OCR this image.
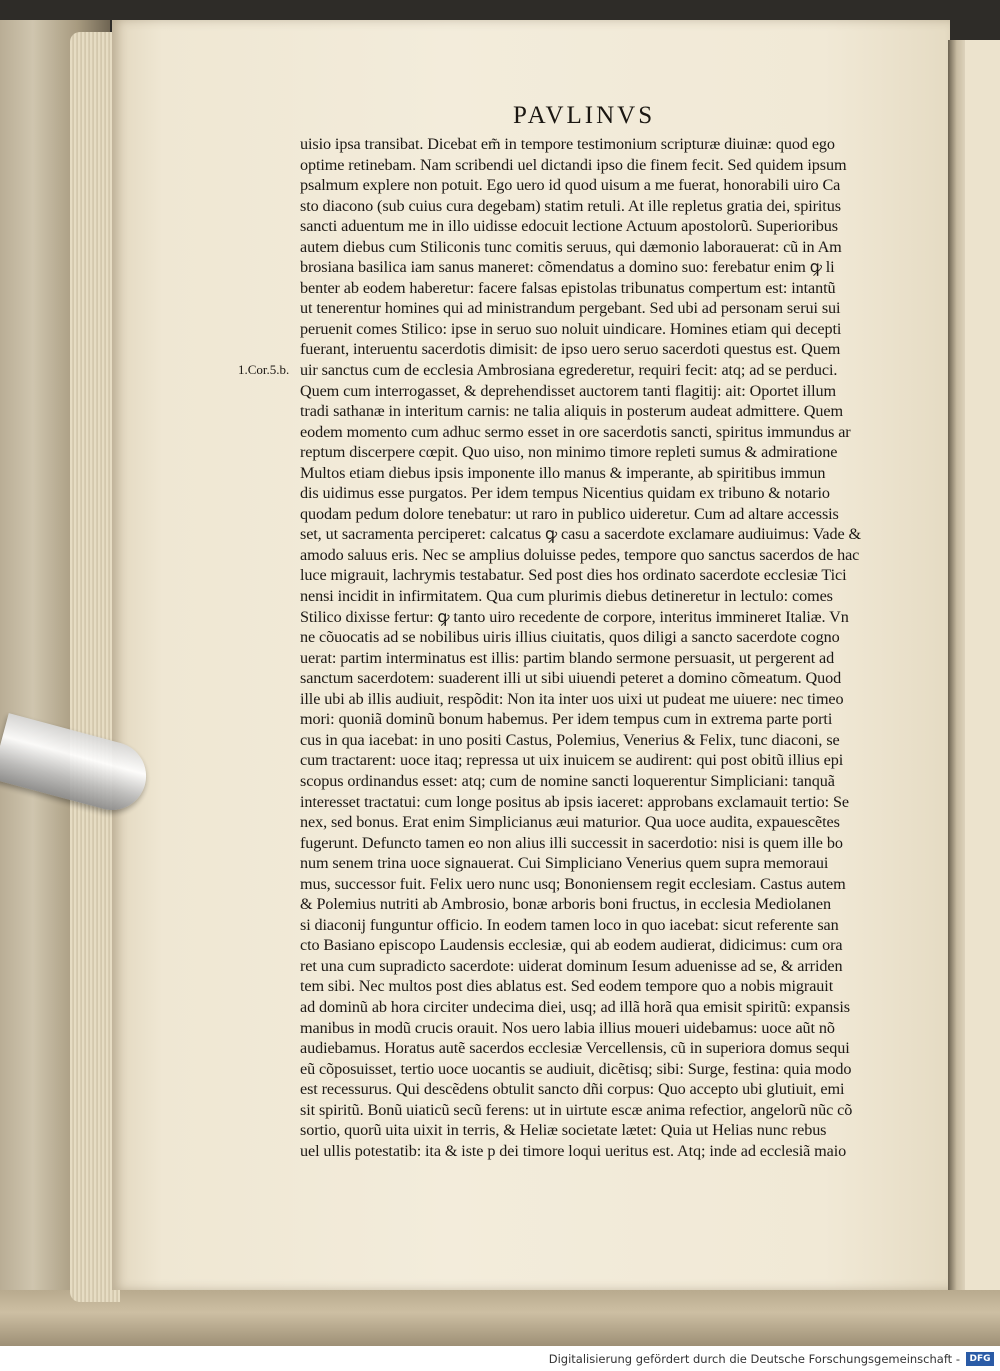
PAVLINVS
1.Cor.5.b.
uisio ipsa transibat. Dicebat em̃ in tempore testimonium scripturæ diuinæ: quod ego
optime retinebam. Nam scribendi uel dictandi ipso die finem fecit. Sed quidem ipsum
psalmum explere non potuit. Ego uero id quod uisum a me fuerat, honorabili uiro Ca
sto diacono (sub cuius cura degebam) statim retuli. At ille repletus gratia dei, spiritus
sancti aduentum me in illo uidisse edocuit lectione Actuum apostolorũ. Superioribus
autem diebus cum Stiliconis tunc comitis seruus, qui dæmonio laborauerat: cũ in Am
brosiana basilica iam sanus maneret: cõmendatus a domino suo: ferebatur enim ꝙ li
benter ab eodem haberetur: facere falsas epistolas tribunatus compertum est: intantũ
ut tenerentur homines qui ad ministrandum pergebant. Sed ubi ad personam serui sui
peruenit comes Stilico: ipse in seruo suo noluit uindicare. Homines etiam qui decepti
fuerant, interuentu sacerdotis dimisit: de ipso uero seruo sacerdoti questus est. Quem
uir sanctus cum de ecclesia Ambrosiana egrederetur, requiri fecit: atq; ad se perduci.
Quem cum interrogasset, & deprehendisset auctorem tanti flagitij: ait: Oportet illum
tradi sathanæ in interitum carnis: ne talia aliquis in posterum audeat admittere. Quem
eodem momento cum adhuc sermo esset in ore sacerdotis sancti, spiritus immundus ar
reptum discerpere cœpit. Quo uiso, non minimo timore repleti sumus & admiratione
Multos etiam diebus ipsis imponente illo manus & imperante, ab spiritibus immun
dis uidimus esse purgatos. Per idem tempus Nicentius quidam ex tribuno & notario
quodam pedum dolore tenebatur: ut raro in publico uideretur. Cum ad altare accessis
set, ut sacramenta perciperet: calcatus ꝙ casu a sacerdote exclamare audiuimus: Vade &
amodo saluus eris. Nec se amplius doluisse pedes, tempore quo sanctus sacerdos de hac
luce migrauit, lachrymis testabatur. Sed post dies hos ordinato sacerdote ecclesiæ Tici
nensi incidit in infirmitatem. Qua cum plurimis diebus detineretur in lectulo: comes
Stilico dixisse fertur: ꝙ tanto uiro recedente de corpore, interitus immineret Italiæ. Vn
ne cõuocatis ad se nobilibus uiris illius ciuitatis, quos diligi a sancto sacerdote cogno
uerat: partim interminatus est illis: partim blando sermone persuasit, ut pergerent ad
sanctum sacerdotem: suaderent illi ut sibi uiuendi peteret a domino cõmeatum. Quod
ille ubi ab illis audiuit, respõdit: Non ita inter uos uixi ut pudeat me uiuere: nec timeo
mori: quoniã dominũ bonum habemus. Per idem tempus cum in extrema parte porti
cus in qua iacebat: in uno positi Castus, Polemius, Venerius & Felix, tunc diaconi, se
cum tractarent: uoce itaq; repressa ut uix inuicem se audirent: qui post obitũ illius epi
scopus ordinandus esset: atq; cum de nomine sancti loquerentur Simpliciani: tanquã
interesset tractatui: cum longe positus ab ipsis iaceret: approbans exclamauit tertio: Se
nex, sed bonus. Erat enim Simplicianus æui maturior. Qua uoce audita, expauescẽtes
fugerunt. Defuncto tamen eo non alius illi successit in sacerdotio: nisi is quem ille bo
num senem trina uoce signauerat. Cui Simpliciano Venerius quem supra memoraui
mus, successor fuit. Felix uero nunc usq; Bononiensem regit ecclesiam. Castus autem
& Polemius nutriti ab Ambrosio, bonæ arboris boni fructus, in ecclesia Mediolanen
si diaconij funguntur officio. In eodem tamen loco in quo iacebat: sicut referente san
cto Basiano episcopo Laudensis ecclesiæ, qui ab eodem audierat, didicimus: cum ora
ret una cum supradicto sacerdote: uiderat dominum Iesum aduenisse ad se, & arriden
tem sibi. Nec multos post dies ablatus est. Sed eodem tempore quo a nobis migrauit
ad dominũ ab hora circiter undecima diei, usq; ad illã horã qua emisit spiritũ: expansis
manibus in modũ crucis orauit. Nos uero labia illius moueri uidebamus: uoce aũt nõ
audiebamus. Horatus autẽ sacerdos ecclesiæ Vercellensis, cũ in superiora domus sequi
eũ cõposuisset, tertio uoce uocantis se audiuit, dicẽtisq; sibi: Surge, festina: quia modo
est recessurus. Qui descẽdens obtulit sancto dñi corpus: Quo accepto ubi glutiuit, emi
sit spiritũ. Bonũ uiaticũ secũ ferens: ut in uirtute escæ anima refectior, angelorũ nũc cõ
sortio, quorũ uita uixit in terris, & Heliæ societate lætet: Quia ut Helias nunc rebus
uel ullis potestatib: ita & iste p dei timore loqui ueritus est. Atq; inde ad ecclesiã maio
Digitalisierung gefördert durch die Deutsche Forschungsgemeinschaft -	DFG
